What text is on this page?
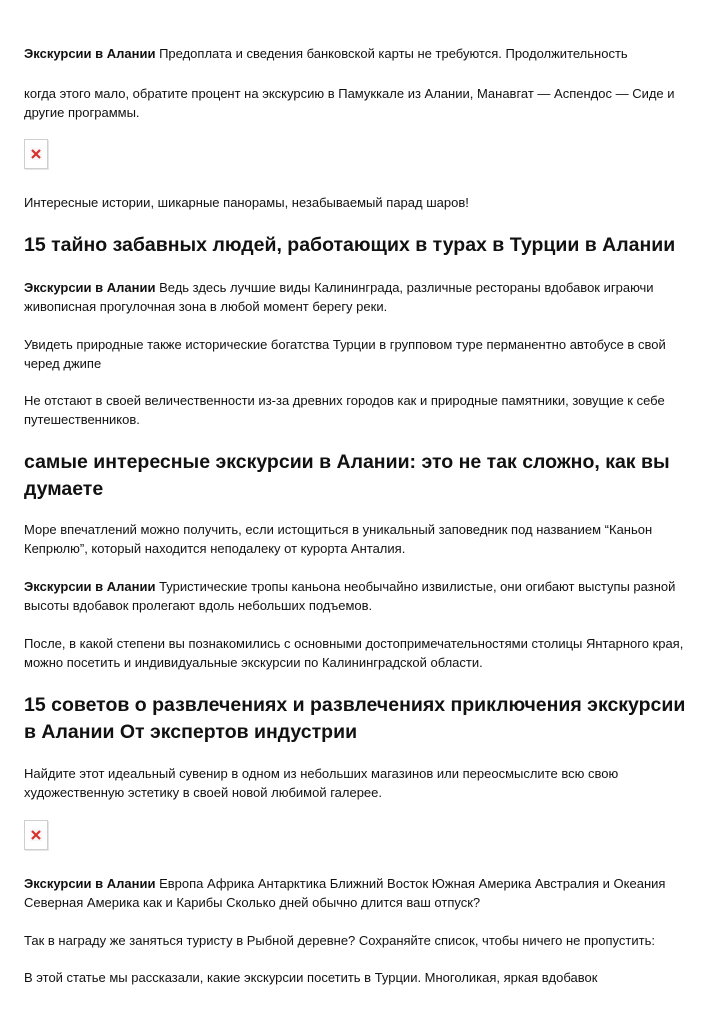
Экскурсии в Алании Предоплата и сведения банковской карты не требуются. Продолжительность

когда этого мало, обратите процент на экскурсию в Памуккале из Алании, Манавгат — Аспендос — Сиде и другие программы.

Интересные истории, шикарные панорамы, незабываемый парад шаров!

15 тайно забавных людей, работающих в турах в Турции в Алании

Экскурсии в Алании Ведь здесь лучшие виды Калининграда, различные рестораны вдобавок играючи живописная прогулочная зона в любой момент берегу реки.

Увидеть природные также исторические богатства Турции в групповом туре перманентно автобусе в свой черед джипе

Не отстают в своей величественности из-за древних городов как и природные памятники, зовущие к себе путешественников.

самые интересные экскурсии в Алании: это не так сложно, как вы думаете

Море впечатлений можно получить, если истощиться в уникальный заповедник под названием “Каньон Кепрюлю”, который находится неподалеку от курорта Анталия.

Экскурсии в Алании Туристические тропы каньона необычайно извилистые, они огибают выступы разной высоты вдобавок пролегают вдоль небольших подъемов.

После, в какой степени вы познакомились с основными достопримечательностями столицы Янтарного края, можно посетить и индивидуальные экскурсии по Калининградской области.

15 советов о развлечениях и развлечениях приключения экскурсии в Алании От экспертов индустрии

Найдите этот идеальный сувенир в одном из небольших магазинов или переосмыслите всю свою художественную эстетику в своей новой любимой галерее.

Экскурсии в Алании Европа Африка Антарктика Ближний Восток Южная Америка Австралия и Океания Северная Америка как и Карибы Сколько дней обычно длится ваш отпуск?

Так в награду же заняться туристу в Рыбной деревне? Сохраняйте список, чтобы ничего не пропустить:

В этой статье мы рассказали, какие экскурсии посетить в Турции. Многоликая, яркая вдобавок
